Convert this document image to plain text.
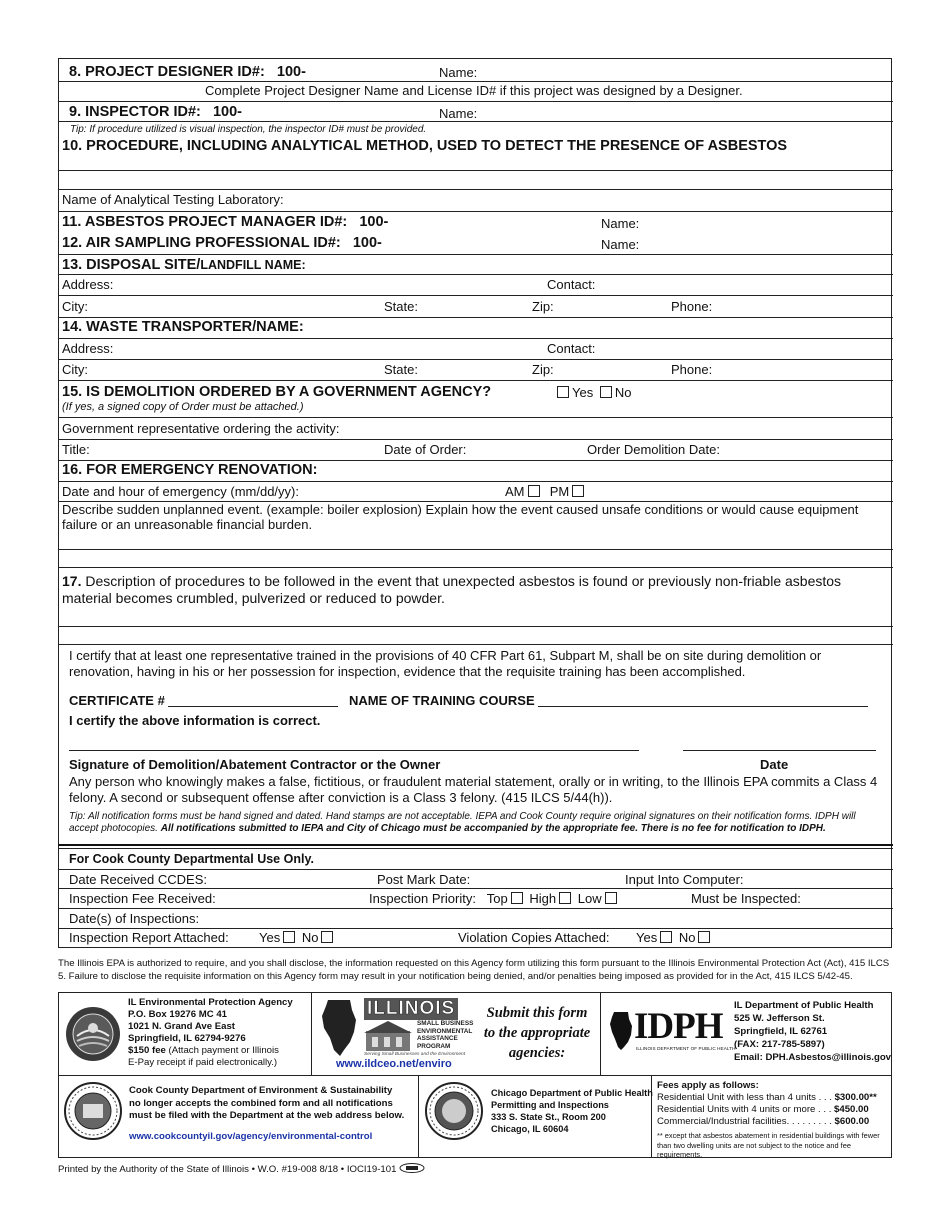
8. PROJECT DESIGNER ID#: 100-	Name:
Complete Project Designer Name and License ID# if this project was designed by a Designer.
9. INSPECTOR ID#: 100-	Name:
Tip: If procedure utilized is visual inspection, the inspector ID# must be provided.
10. PROCEDURE, INCLUDING ANALYTICAL METHOD, USED TO DETECT THE PRESENCE OF ASBESTOS
Name of Analytical Testing Laboratory:
11. ASBESTOS PROJECT MANAGER ID#: 100-	Name:
12. AIR SAMPLING PROFESSIONAL ID#: 100-	Name:
13. DISPOSAL SITE/LANDFILL NAME:
Address:	Contact:
City:	State:	Zip:	Phone:
14. WASTE TRANSPORTER/NAME:
Address:	Contact:
City:	State:	Zip:	Phone:
15. IS DEMOLITION ORDERED BY A GOVERNMENT AGENCY?	Yes No
(If yes, a signed copy of Order must be attached.)
Government representative ordering the activity:
Title:	Date of Order:	Order Demolition Date:
16. FOR EMERGENCY RENOVATION:
Date and hour of emergency (mm/dd/yy):	AM PM
Describe sudden unplanned event. (example: boiler explosion) Explain how the event caused unsafe conditions or would cause equipment failure or an unreasonable financial burden.
17. Description of procedures to be followed in the event that unexpected asbestos is found or previously non-friable asbestos material becomes crumbled, pulverized or reduced to powder.
I certify that at least one representative trained in the provisions of 40 CFR Part 61, Subpart M, shall be on site during demolition or renovation, having in his or her possession for inspection, evidence that the requisite training has been accomplished.
CERTIFICATE #	NAME OF TRAINING COURSE
I certify the above information is correct.
Signature of Demolition/Abatement Contractor or the Owner	Date
Any person who knowingly makes a false, fictitious, or fraudulent material statement, orally or in writing, to the Illinois EPA commits a Class 4 felony. A second or subsequent offense after conviction is a Class 3 felony. (415 ILCS 5/44(h)).
Tip: All notification forms must be hand signed and dated. Hand stamps are not acceptable. IEPA and Cook County require original signatures on their notification forms. IDPH will accept photocopies. All notifications submitted to IEPA and City of Chicago must be accompanied by the appropriate fee. There is no fee for notification to IDPH.
For Cook County Departmental Use Only.
Date Received CCDES:	Post Mark Date:	Input Into Computer:
Inspection Fee Received:	Inspection Priority: Top High Low	Must be Inspected:
Date(s) of Inspections:
Inspection Report Attached: Yes No	Violation Copies Attached: Yes No
The Illinois EPA is authorized to require, and you shall disclose, the information requested on this Agency form utilizing this form pursuant to the Illinois Environmental Protection Act (Act), 415 ILCS 5. Failure to disclose the requisite information on this Agency form may result in your notification being denied, and/or penalties being imposed as provided for in the Act, 415 ILCS 5/42-45.
IL Environmental Protection Agency
P.O. Box 19276 MC 41
1021 N. Grand Ave East
Springfield, IL 62794-9276
$150 fee (Attach payment or Illinois
E-Pay receipt if paid electronically.)
ILLINOIS
SMALL BUSINESS
ENVIRONMENTAL
ASSISTANCE
PROGRAM
Serving Small Businesses and the Environment
www.ildceo.net/enviro
Submit this form
to the appropriate
agencies:
IDPH
ILLINOIS DEPARTMENT OF PUBLIC HEALTH
IL Department of Public Health
525 W. Jefferson St.
Springfield, IL 62761
(FAX: 217-785-5897)
Email: DPH.Asbestos@illinois.gov
Cook County Department of Environment & Sustainability
no longer accepts the combined form and all notifications
must be filed with the Department at the web address below.
www.cookcountyil.gov/agency/environmental-control
Chicago Department of Public Health
Permitting and Inspections
333 S. State St., Room 200
Chicago, IL 60604
Fees apply as follows:
Residential Unit with less than 4 units . . . $300.00**
Residential Units with 4 units or more . . . $450.00
Commercial/Industrial facilities. . . . . . . . . $600.00
** except that asbestos abatement in residential buildings with fewer than two dwelling units are not subject to the notice and fee requirements.
Printed by the Authority of the State of Illinois • W.O. #19-008 8/18 • IOCI19-101
